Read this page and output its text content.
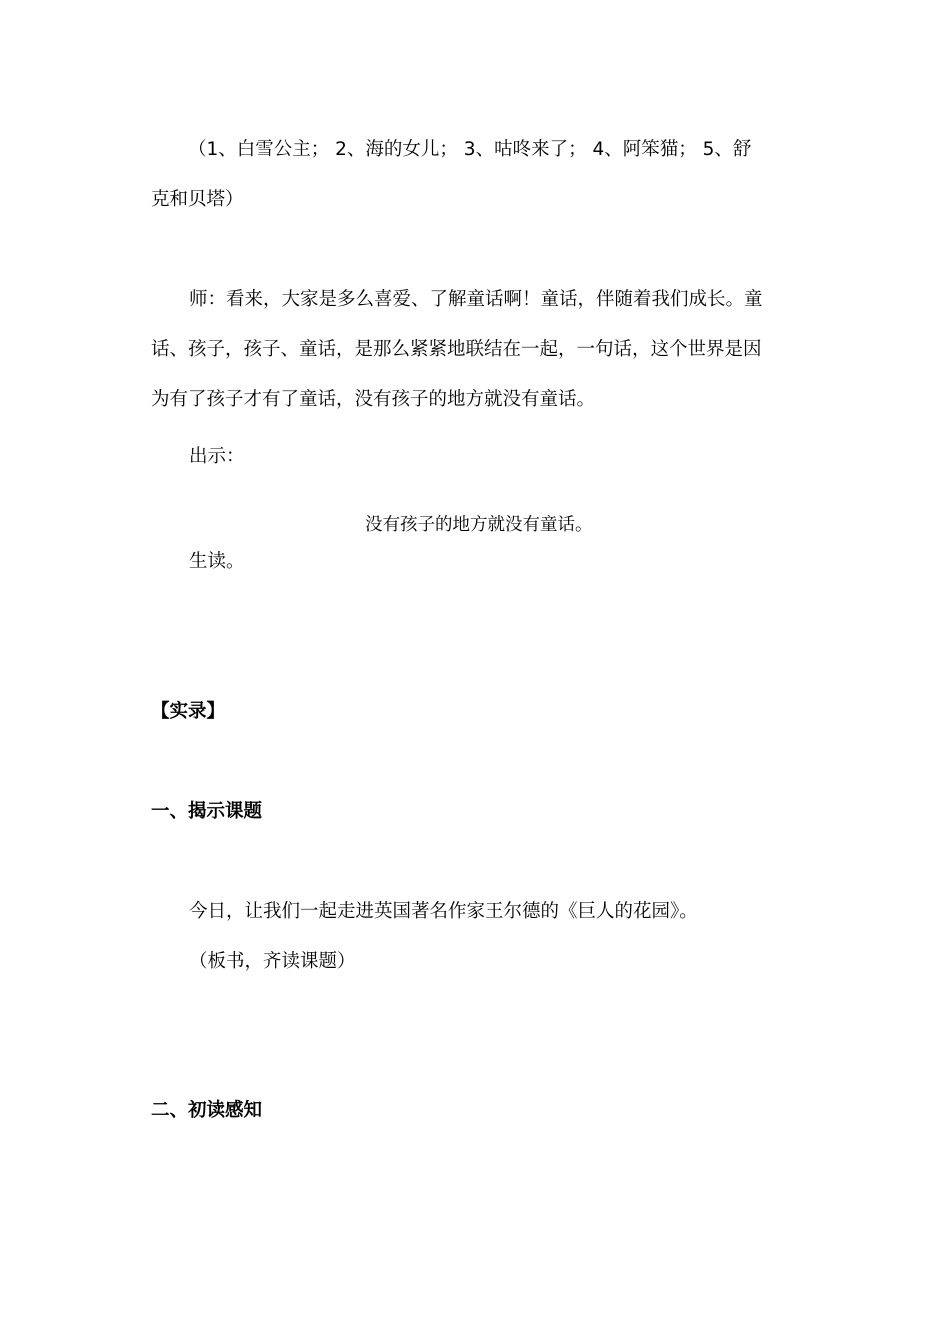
（1、白雪公主； 2、海的女儿； 3、咕咚来了； 4、阿笨猫； 5、舒

克和贝塔）

师：看来，大家是多么喜爱、了解童话啊！童话，伴随着我们成长。童

话、孩子，孩子、童话，是那么紧紧地联结在一起，一句话，这个世界是因

为有了孩子才有了童话，没有孩子的地方就没有童话。

出示：

没有孩子的地方就没有童话。

生读。

【实录】

一、揭示课题

今日，让我们一起走进英国著名作家王尔德的《巨人的花园》。

（板书，齐读课题）

二、初读感知
